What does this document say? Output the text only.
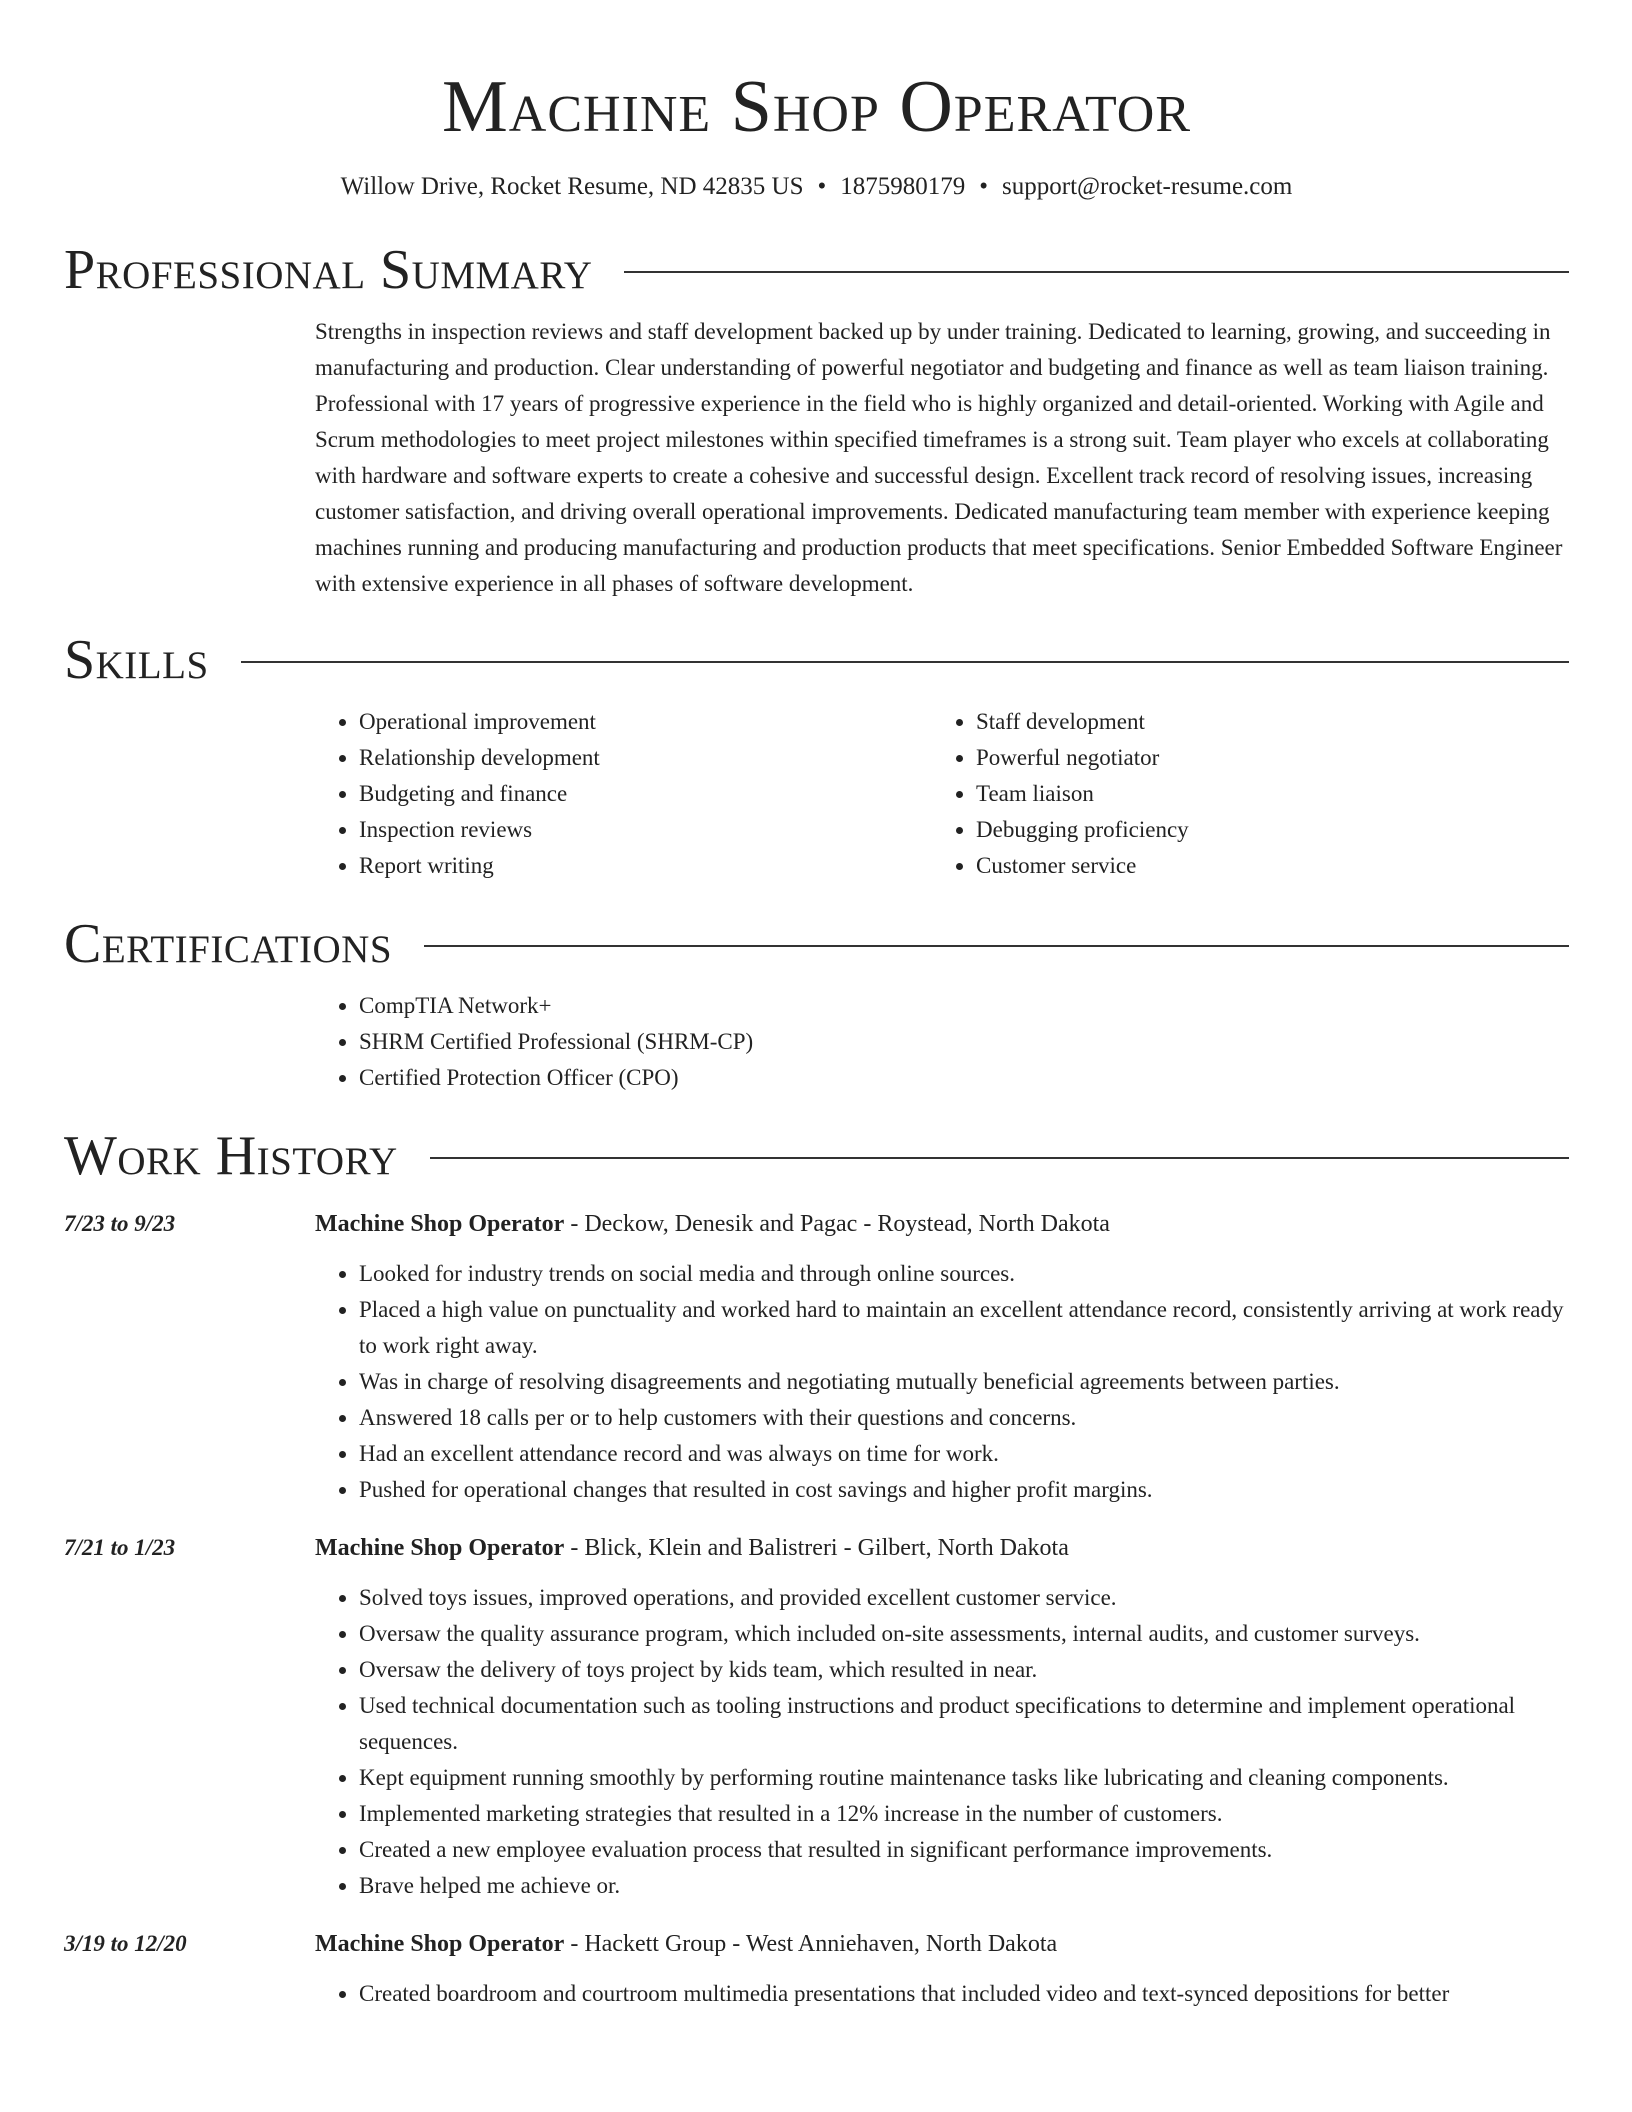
Machine Shop Operator
Willow Drive, Rocket Resume, ND 42835 US • 1875980179 • support@rocket-resume.com
Professional Summary
Strengths in inspection reviews and staff development backed up by under training. Dedicated to learning, growing, and succeeding in manufacturing and production. Clear understanding of powerful negotiator and budgeting and finance as well as team liaison training. Professional with 17 years of progressive experience in the field who is highly organized and detail-oriented. Working with Agile and Scrum methodologies to meet project milestones within specified timeframes is a strong suit. Team player who excels at collaborating with hardware and software experts to create a cohesive and successful design. Excellent track record of resolving issues, increasing customer satisfaction, and driving overall operational improvements. Dedicated manufacturing team member with experience keeping machines running and producing manufacturing and production products that meet specifications. Senior Embedded Software Engineer with extensive experience in all phases of software development.
Skills
• Operational improvement
• Relationship development
• Budgeting and finance
• Inspection reviews
• Report writing
• Staff development
• Powerful negotiator
• Team liaison
• Debugging proficiency
• Customer service
Certifications
• CompTIA Network+
• SHRM Certified Professional (SHRM-CP)
• Certified Protection Officer (CPO)
Work History
7/23 to 9/23	Machine Shop Operator - Deckow, Denesik and Pagac - Roystead, North Dakota
• Looked for industry trends on social media and through online sources.
• Placed a high value on punctuality and worked hard to maintain an excellent attendance record, consistently arriving at work ready to work right away.
• Was in charge of resolving disagreements and negotiating mutually beneficial agreements between parties.
• Answered 18 calls per or to help customers with their questions and concerns.
• Had an excellent attendance record and was always on time for work.
• Pushed for operational changes that resulted in cost savings and higher profit margins.
7/21 to 1/23	Machine Shop Operator - Blick, Klein and Balistreri - Gilbert, North Dakota
• Solved toys issues, improved operations, and provided excellent customer service.
• Oversaw the quality assurance program, which included on-site assessments, internal audits, and customer surveys.
• Oversaw the delivery of toys project by kids team, which resulted in near.
• Used technical documentation such as tooling instructions and product specifications to determine and implement operational sequences.
• Kept equipment running smoothly by performing routine maintenance tasks like lubricating and cleaning components.
• Implemented marketing strategies that resulted in a 12% increase in the number of customers.
• Created a new employee evaluation process that resulted in significant performance improvements.
• Brave helped me achieve or.
3/19 to 12/20	Machine Shop Operator - Hackett Group - West Anniehaven, North Dakota
• Created boardroom and courtroom multimedia presentations that included video and text-synced depositions for better
